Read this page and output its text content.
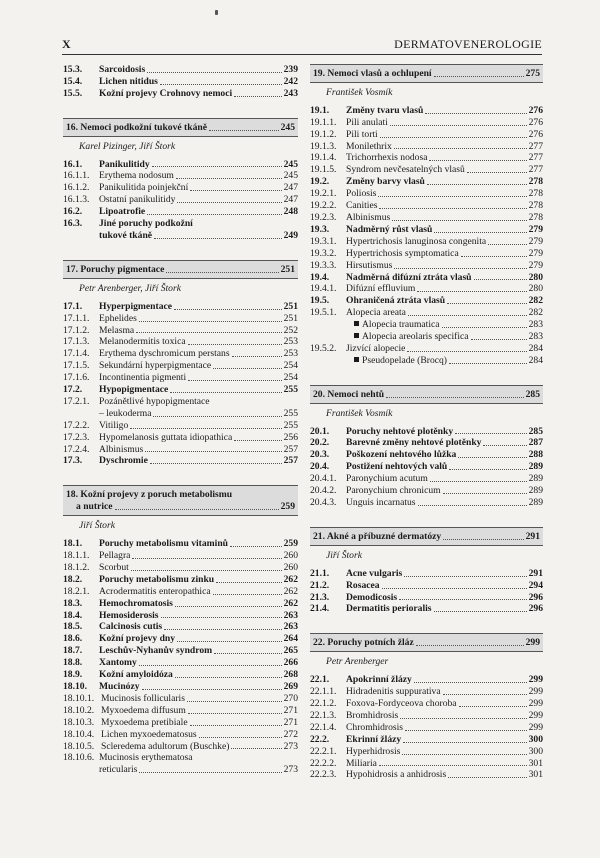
X	DERMATOVENEROLOGIE
15.3.	Sarcoidosis	239
15.4.	Lichen nitidus	242
15.5.	Kožní projevy Crohnovy nemoci	243
16. Nemoci podkožní tukové tkáně	245
Karel Pizinger, Jiří Štork
16.1.	Panikulitidy	245
16.1.1.	Erythema nodosum	245
16.1.2.	Panikulitida poinjekční	247
16.1.3.	Ostatní panikulitidy	247
16.2.	Lipoatrofie	248
16.3.	Jiné poruchy podkožní
tukové tkáně	249
17. Poruchy pigmentace	251
Petr Arenberger, Jiří Štork
17.1.	Hyperpigmentace	251
17.1.1.	Ephelides	251
17.1.2.	Melasma	252
17.1.3.	Melanodermitis toxica	253
17.1.4.	Erythema dyschromicum perstans	253
17.1.5.	Sekundární hyperpigmentace	254
17.1.6.	Incontinentia pigmenti	254
17.2.	Hypopigmentace	255
17.2.1.	Pozánětlivé hypopigmentace
– leukoderma	255
17.2.2.	Vitiligo	255
17.2.3.	Hypomelanosis guttata idiopathica	256
17.2.4.	Albinismus	257
17.3.	Dyschromie	257
18. Kožní projevy z poruch metabolismu
a nutrice	259
Jiří Štork
18.1.	Poruchy metabolismu vitaminů	259
18.1.1.	Pellagra	260
18.1.2.	Scorbut	260
18.2.	Poruchy metabolismu zinku	262
18.2.1.	Acrodermatitis enteropathica	262
18.3.	Hemochromatosis	262
18.4.	Hemosiderosis	263
18.5.	Calcinosis cutis	263
18.6.	Kožní projevy dny	264
18.7.	Leschův-Nyhanův syndrom	265
18.8.	Xantomy	266
18.9.	Kožní amyloidóza	268
18.10.	Mucinózy	269
18.10.1. Mucinosis follicularis	270
18.10.2. Myxoedema diffusum	271
18.10.3. Myxoedema pretibiale	271
18.10.4. Lichen myxoedematosus	272
18.10.5. Scleredema adultorum (Buschke)	273
18.10.6. Mucinosis erythematosa
reticularis	273
19. Nemoci vlasů a ochlupení	275
František Vosmík
19.1.	Změny tvaru vlasů	276
19.1.1.	Pili anulati	276
19.1.2.	Pili torti	276
19.1.3.	Monilethrix	277
19.1.4.	Trichorrhexis nodosa	277
19.1.5.	Syndrom nevčesatelných vlasů	277
19.2.	Změny barvy vlasů	278
19.2.1.	Poliosis	278
19.2.2.	Canities	278
19.2.3.	Albinismus	278
19.3.	Nadměrný růst vlasů	279
19.3.1.	Hypertrichosis lanuginosa congenita	279
19.3.2.	Hypertrichosis symptomatica	279
19.3.3.	Hirsutismus	279
19.4.	Nadměrná difúzní ztráta vlasů	280
19.4.1.	Difúzní effluvium	280
19.5.	Ohraničená ztráta vlasů	282
19.5.1.	Alopecia areata	282
Alopecia traumatica	283
Alopecia areolaris specifica	283
19.5.2.	Jizvící alopecie	284
Pseudopelade (Brocq)	284
20. Nemoci nehtů	285
František Vosmík
20.1.	Poruchy nehtové plotěnky	285
20.2.	Barevné změny nehtové plotěnky	287
20.3.	Poškození nehtového lůžka	288
20.4.	Postižení nehtových valů	289
20.4.1.	Paronychium acutum	289
20.4.2.	Paronychium chronicum	289
20.4.3.	Unguis incarnatus	289
21. Akné a příbuzné dermatózy	291
Jiří Štork
21.1.	Acne vulgaris	291
21.2.	Rosacea	294
21.3.	Demodicosis	296
21.4.	Dermatitis perioralis	296
22. Poruchy potních žláz	299
Petr Arenberger
22.1.	Apokrinní žlázy	299
22.1.1.	Hidradenitis suppurativa	299
22.1.2.	Foxova-Fordyceova choroba	299
22.1.3.	Bromhidrosis	299
22.1.4.	Chromhidrosis	299
22.2.	Ekrinní žlázy	300
22.2.1.	Hyperhidrosis	300
22.2.2.	Miliaria	301
22.2.3.	Hypohidrosis a anhidrosis	301
